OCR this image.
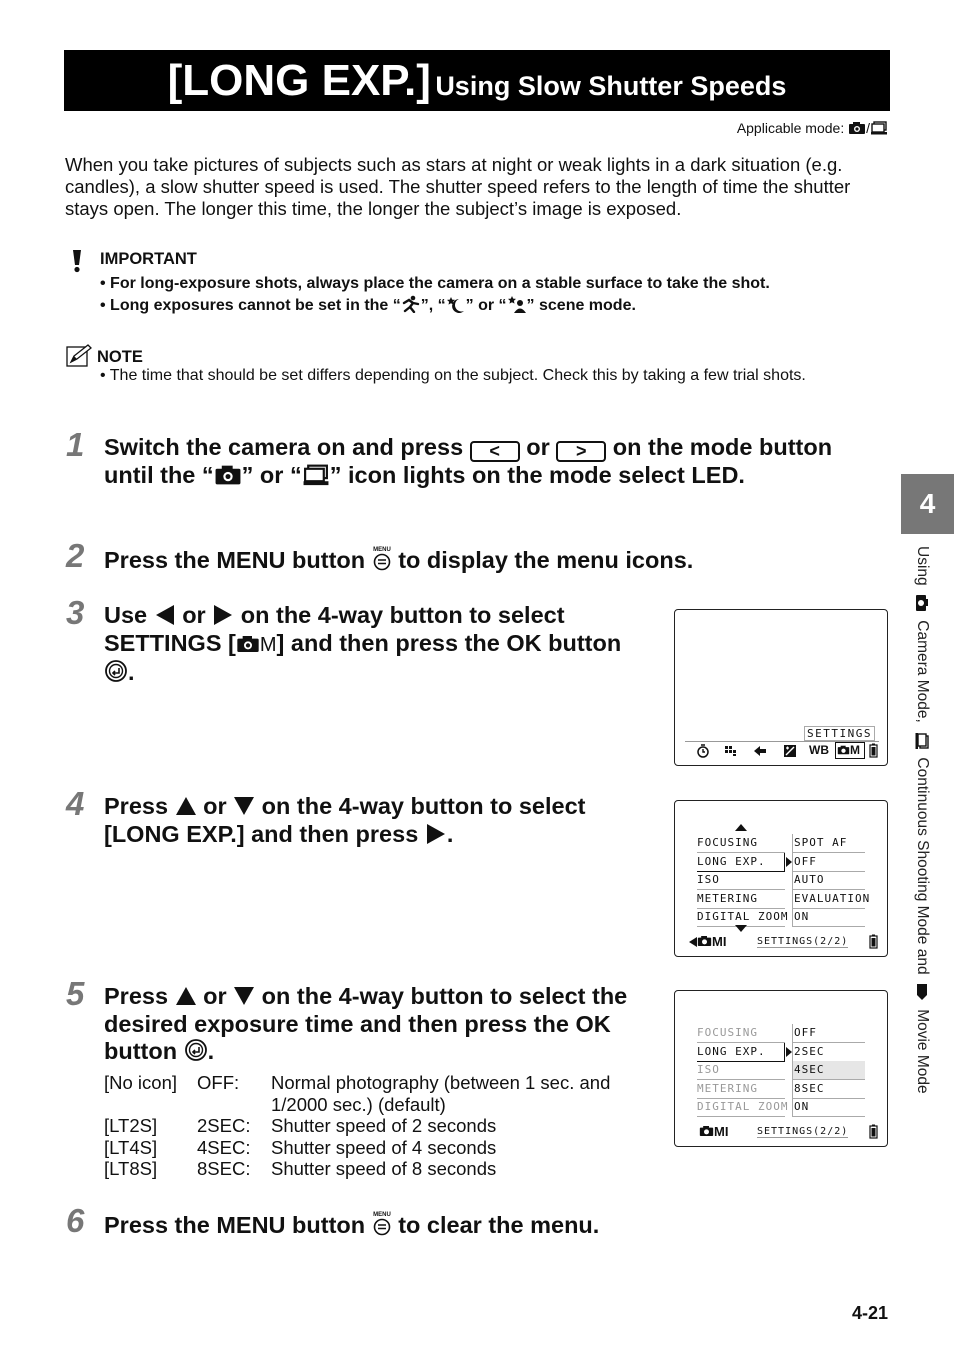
[LONG EXP.] Using Slow Shutter Speeds
Applicable mode: /

When you take pictures of subjects such as stars at night or weak lights in a dark situation (e.g. candles), a slow shutter speed is used. The shutter speed refers to the length of time the shutter stays open. The longer this time, the longer the subject’s image is exposed.

IMPORTANT
• For long-exposure shots, always place the camera on a stable surface to take the shot.
• Long exposures cannot be set in the “ ”, “ ” or “ ” scene mode.
NOTE
• The time that should be set differs depending on the subject. Check this by taking a few trial shots.
1 Switch the camera on and press < or > on the mode button until the “ ” or “ ” icon lights on the mode select LED.
2 Press the MENU button MENU to display the menu icons.
3 Use or on the 4-way button to select SETTINGS [ M] and then press the OK button .
SETTINGS
WB	M
4 Press or on the 4-way button to select [LONG EXP.] and then press .	FOCUSING	SPOT AF
LONG EXP.	OFF
ISO	AUTO
METERING	EVALUATION
DIGITAL ZOOM ON
MI	SETTINGS(2/2)
5 Press or on the 4-way button to select the desired exposure time and then press the OK button .
[No icon] OFF: Normal photography (between 1 sec. and
1/2000 sec.) (default)
[LT2S] 2SEC: Shutter speed of 2 seconds
[LT4S] 4SEC: Shutter speed of 4 seconds
[LT8S] 8SEC: Shutter speed of 8 seconds
FOCUSING	OFF
LONG EXP.	2SEC
ISO	4SEC
METERING	8SEC
DIGITAL ZOOM ON
MI	SETTINGS(2/2)
6 Press the MENU button MENU to clear the menu.
4
Using  Camera Mode,  Continuous Shooting Mode and  Movie Mode
4-21
